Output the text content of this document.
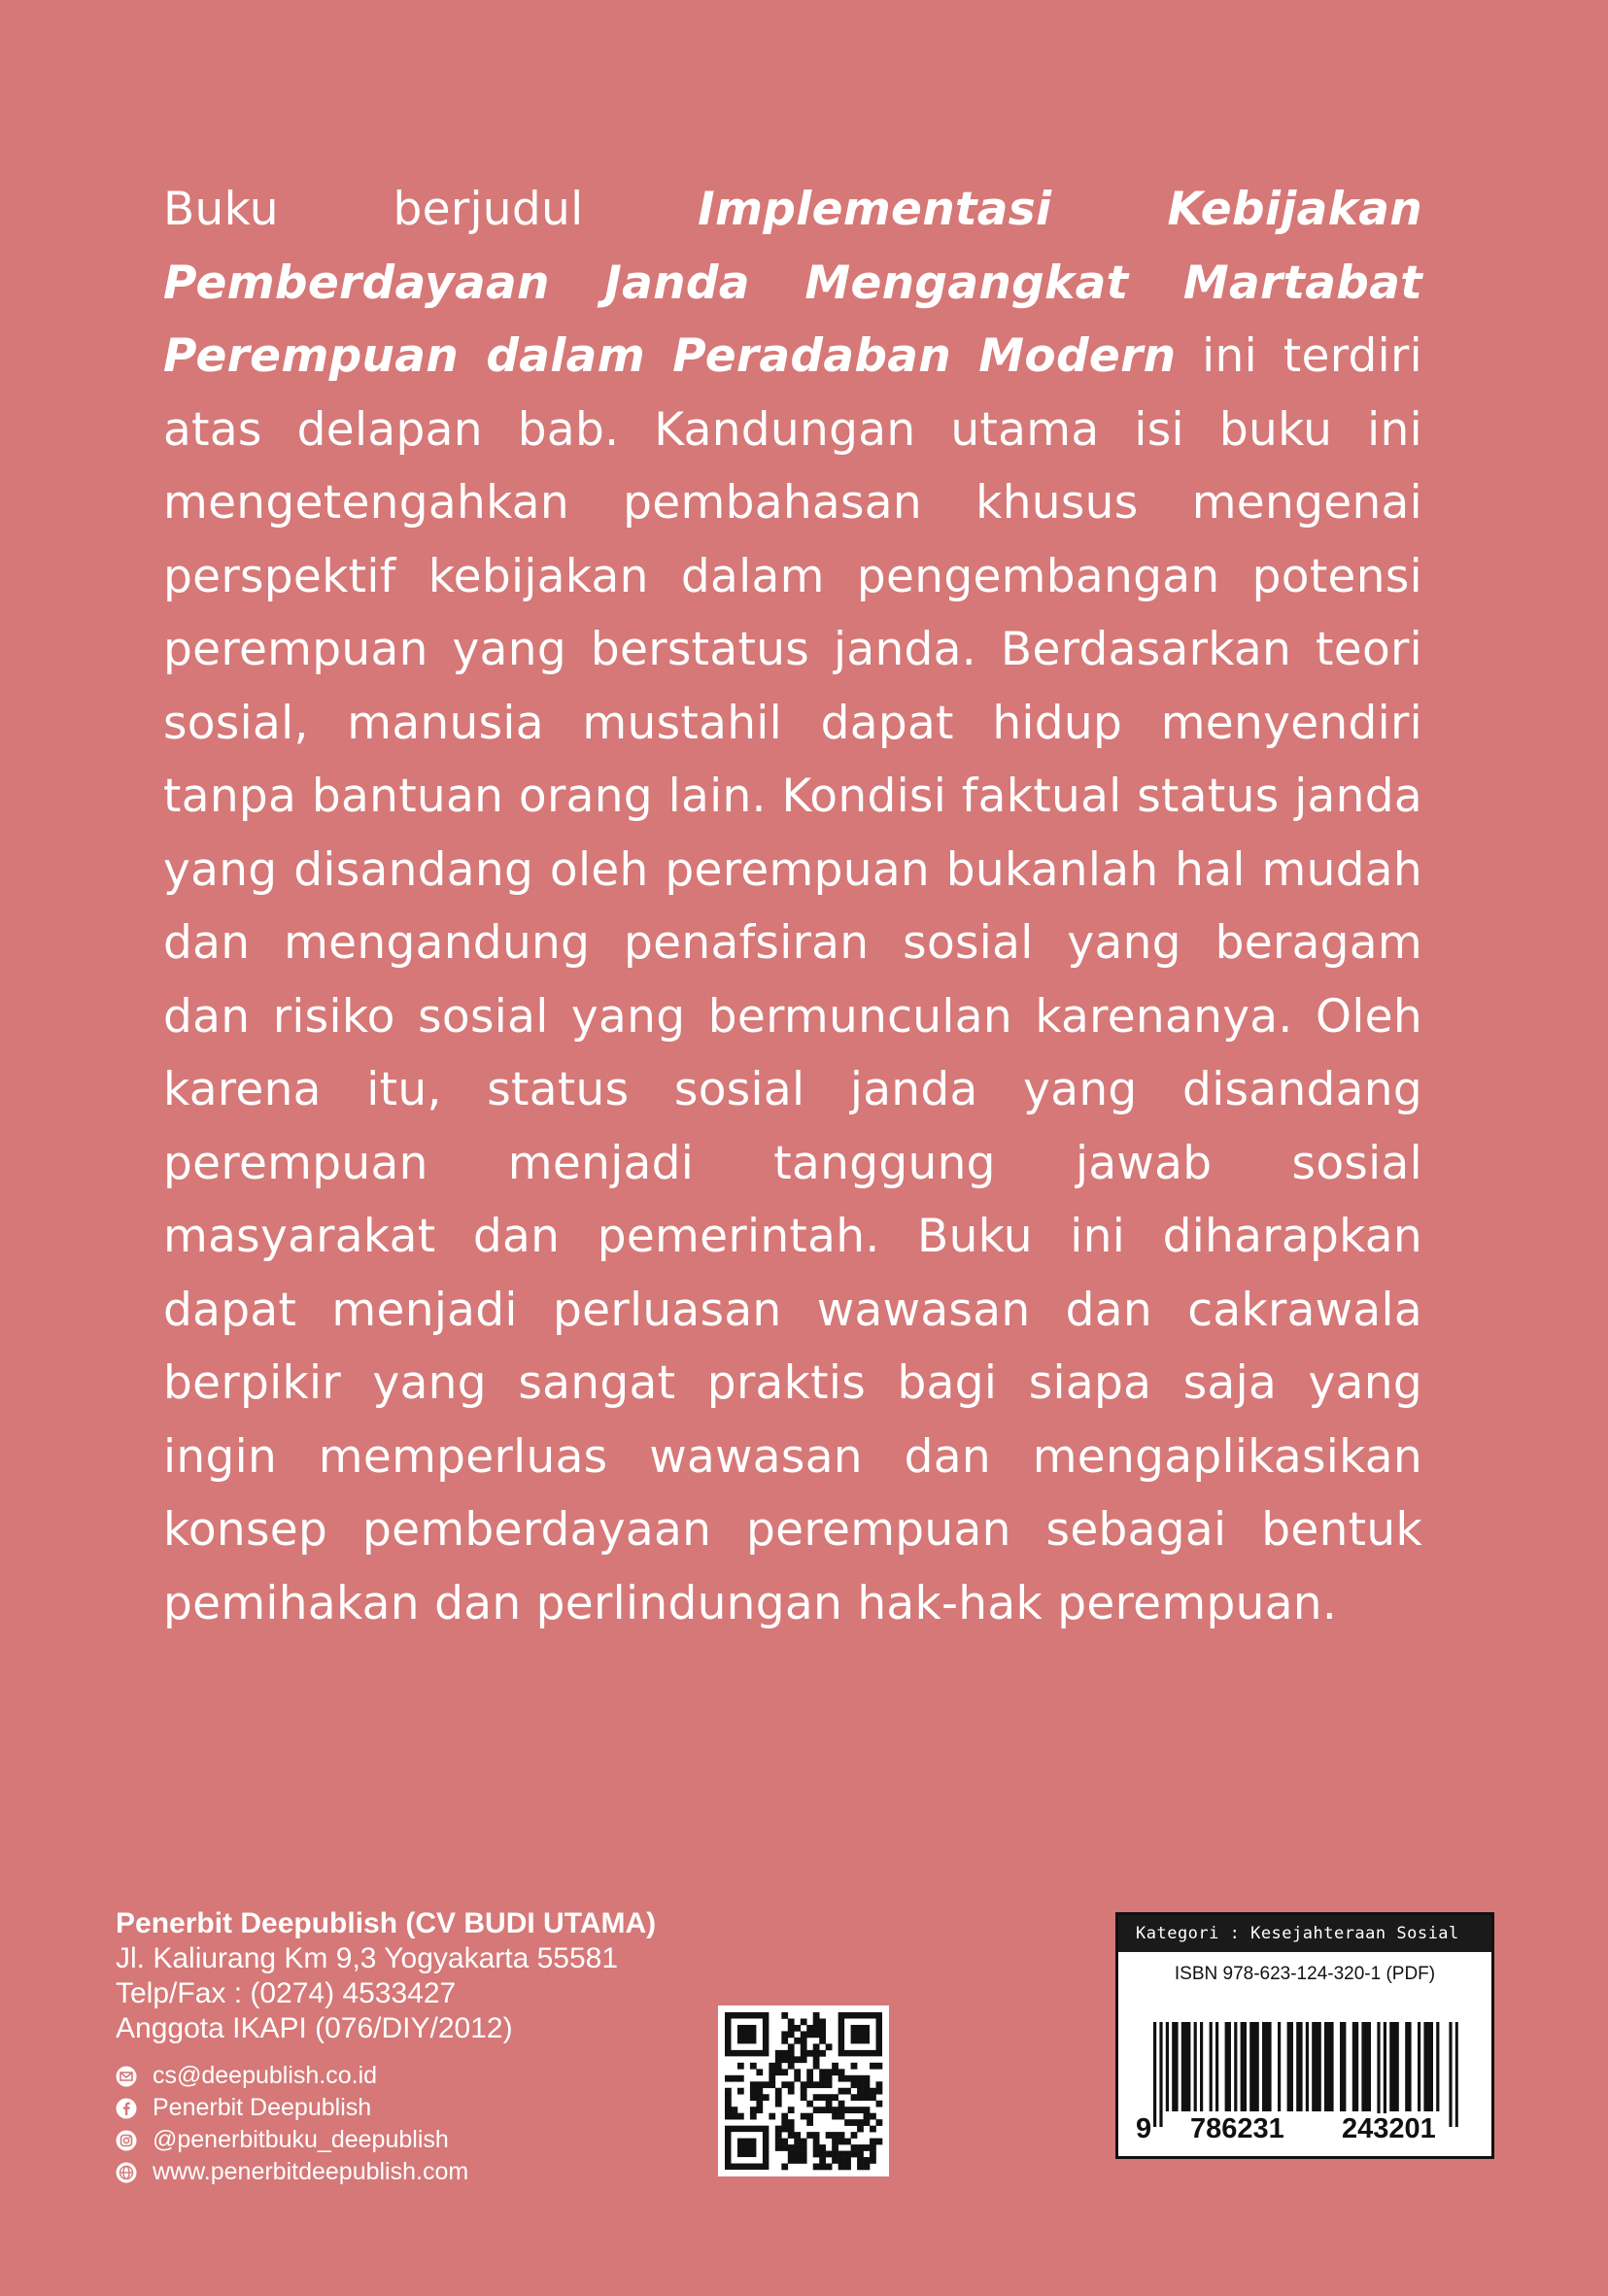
Buku berjudul Implementasi Kebijakan Pemberdayaan Janda Mengangkat Martabat Perempuan dalam Peradaban Modern ini terdiri atas delapan bab. Kandungan utama isi buku ini mengetengahkan pembahasan khusus mengenai perspektif kebijakan dalam pengembangan potensi perempuan yang berstatus janda. Berdasarkan teori sosial, manusia mustahil dapat hidup menyendiri tanpa bantuan orang lain. Kondisi faktual status janda yang disandang oleh perempuan bukanlah hal mudah dan mengandung penafsiran sosial yang beragam dan risiko sosial yang bermunculan karenanya. Oleh karena itu, status sosial janda yang disandang perempuan menjadi tanggung jawab sosial masyarakat dan pemerintah. Buku ini diharapkan dapat menjadi perluasan wawasan dan cakrawala berpikir yang sangat praktis bagi siapa saja yang ingin memperluas wawasan dan mengaplikasikan konsep pemberdayaan perempuan sebagai bentuk pemihakan dan perlindungan hak-hak perempuan.

Penerbit Deepublish (CV BUDI UTAMA)
Jl. Kaliurang Km 9,3 Yogyakarta 55581
Telp/Fax : (0274) 4533427
Anggota IKAPI (076/DIY/2012)
cs@deepublish.co.id
Penerbit Deepublish
@penerbitbuku_deepublish
www.penerbitdeepublish.com
Kategori : Kesejahteraan Sosial
ISBN 978-623-124-320-1 (PDF)
9 786231 243201
